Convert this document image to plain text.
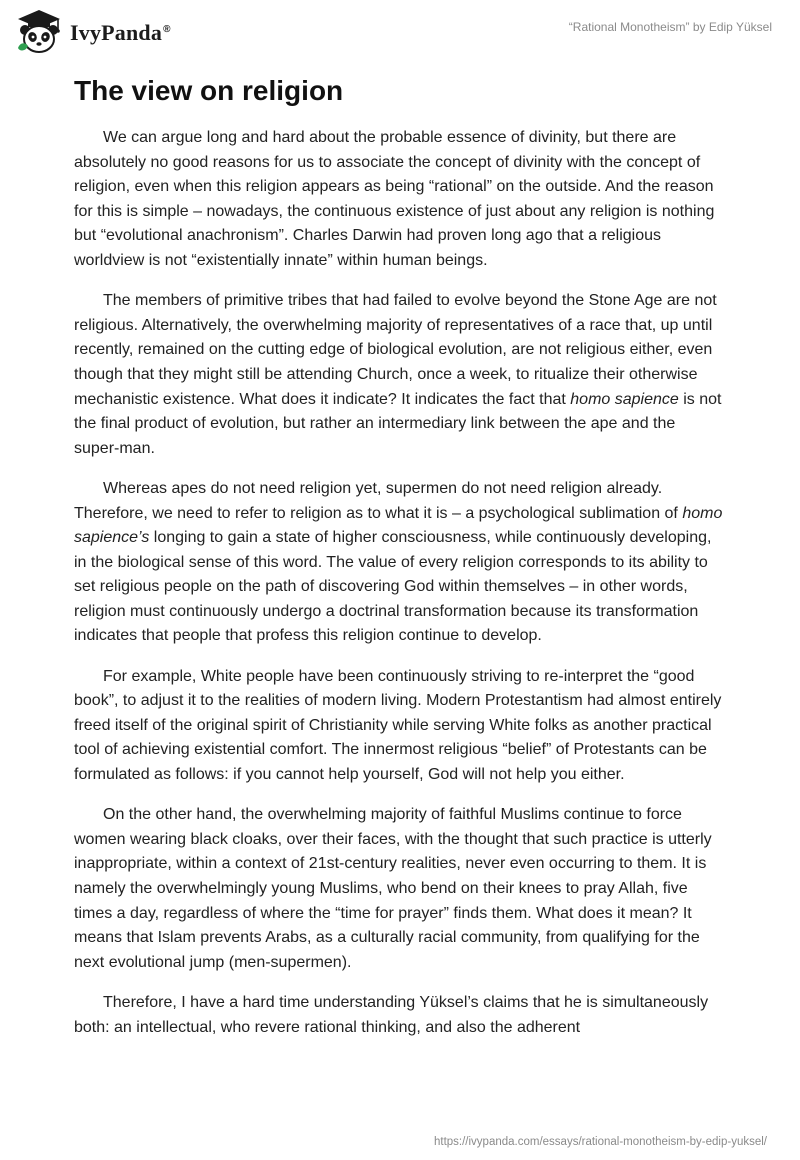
IvyPanda®	“Rational Monotheism” by Edip Yüksel
The view on religion

We can argue long and hard about the probable essence of divinity, but there are absolutely no good reasons for us to associate the concept of divinity with the concept of religion, even when this religion appears as being “rational” on the outside. And the reason for this is simple – nowadays, the continuous existence of just about any religion is nothing but “evolutional anachronism”. Charles Darwin had proven long ago that a religious worldview is not “existentially innate” within human beings.

The members of primitive tribes that had failed to evolve beyond the Stone Age are not religious. Alternatively, the overwhelming majority of representatives of a race that, up until recently, remained on the cutting edge of biological evolution, are not religious either, even though that they might still be attending Church, once a week, to ritualize their otherwise mechanistic existence. What does it indicate? It indicates the fact that homo sapience is not the final product of evolution, but rather an intermediary link between the ape and the super-man.

Whereas apes do not need religion yet, supermen do not need religion already. Therefore, we need to refer to religion as to what it is – a psychological sublimation of homo sapience’s longing to gain a state of higher consciousness, while continuously developing, in the biological sense of this word. The value of every religion corresponds to its ability to set religious people on the path of discovering God within themselves – in other words, religion must continuously undergo a doctrinal transformation because its transformation indicates that people that profess this religion continue to develop.

For example, White people have been continuously striving to re-interpret the “good book”, to adjust it to the realities of modern living. Modern Protestantism had almost entirely freed itself of the original spirit of Christianity while serving White folks as another practical tool of achieving existential comfort. The innermost religious “belief” of Protestants can be formulated as follows: if you cannot help yourself, God will not help you either.

On the other hand, the overwhelming majority of faithful Muslims continue to force women wearing black cloaks, over their faces, with the thought that such practice is utterly inappropriate, within a context of 21st-century realities, never even occurring to them. It is namely the overwhelmingly young Muslims, who bend on their knees to pray Allah, five times a day, regardless of where the “time for prayer” finds them. What does it mean? It means that Islam prevents Arabs, as a culturally racial community, from qualifying for the next evolutional jump (men-supermen).

Therefore, I have a hard time understanding Yüksel’s claims that he is simultaneously both: an intellectual, who revere rational thinking, and also the adherent

https://ivypanda.com/essays/rational-monotheism-by-edip-yuksel/
